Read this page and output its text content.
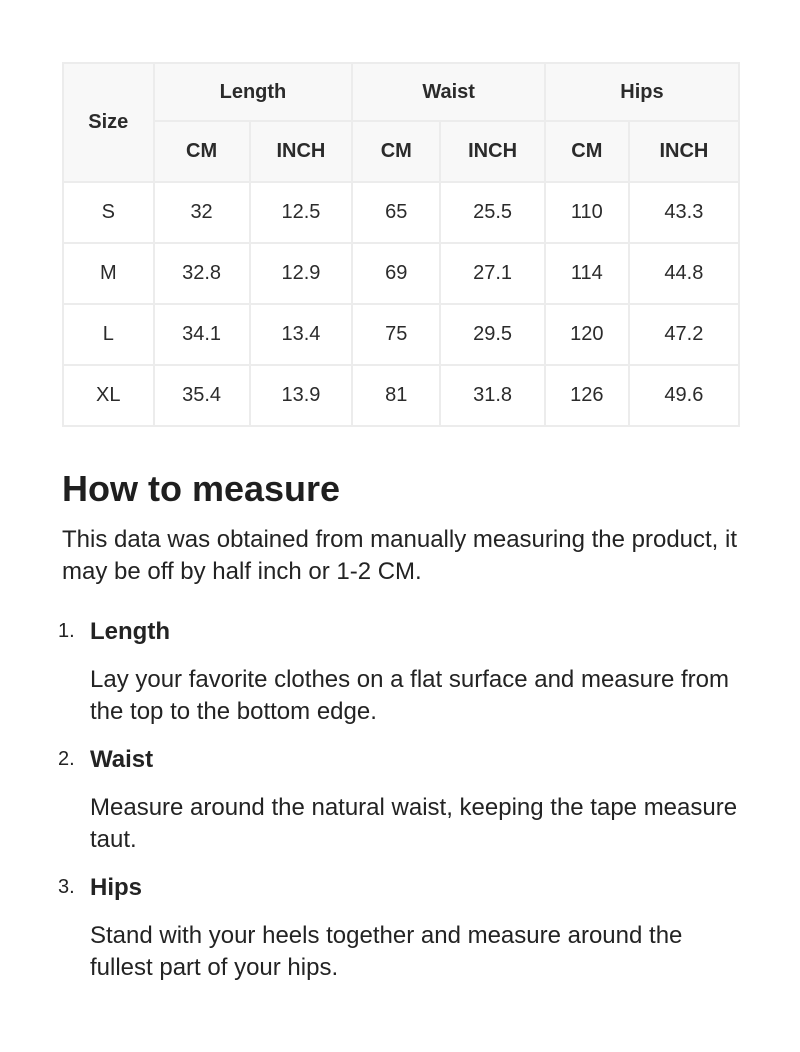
Size	Length		Waist		Hips	
	CM	INCH	CM	INCH	CM	INCH
S	32	12.5	65	25.5	110	43.3
M	32.8	12.9	69	27.1	114	44.8
L	34.1	13.4	75	29.5	120	47.2
XL	35.4	13.9	81	31.8	126	49.6
How to measure

This data was obtained from manually measuring the product, it may be off by half inch or 1-2 CM.

1. Length

Lay your favorite clothes on a flat surface and measure from the top to the bottom edge.

2. Waist

Measure around the natural waist, keeping the tape measure taut.

3. Hips

Stand with your heels together and measure around the fullest part of your hips.
